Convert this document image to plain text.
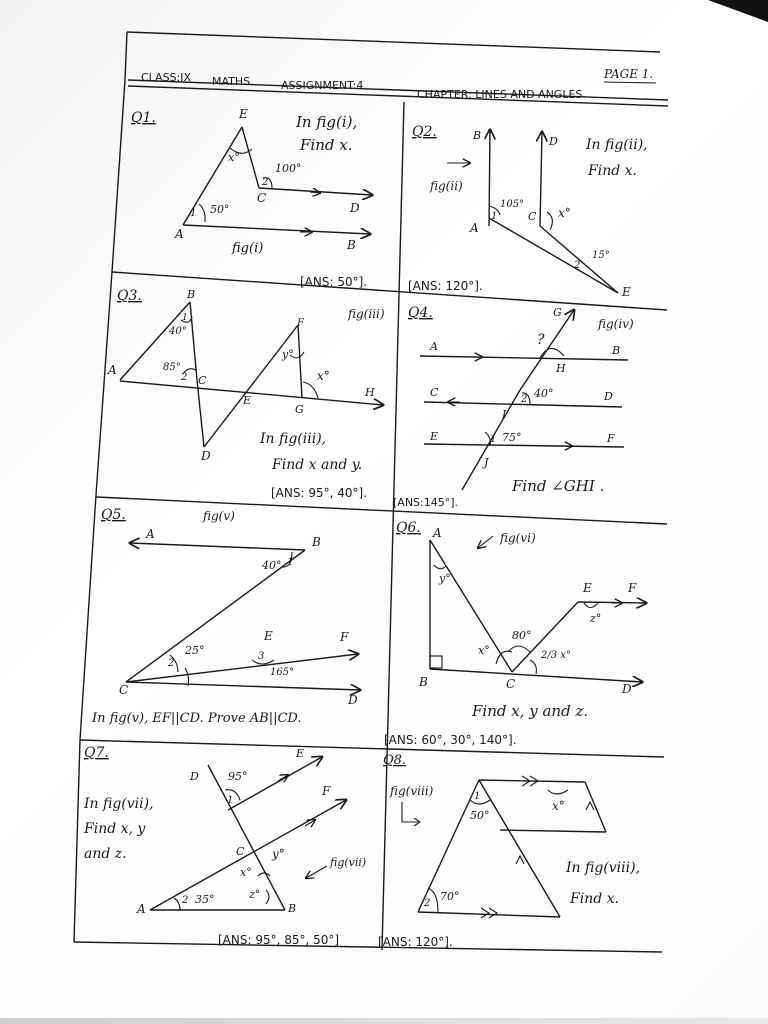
PAGE 1.
CLASS:IX MATHS. ASSIGNMENT:4
CHAPTER: LINES AND ANGLES.
Q1.	In fig(i),
Find x.
E
C
D
A
B
x°
100°
50°
1
2
fig(i)
[ANS: 50°].
Q2.
In fig(ii),
Find x.
fig(ii)
B	D
A
C
E
105°
x°
15°
1
2
[ANS: 120°].
Q3.
fig(iii)
B
A
C
D
E
F
G
H
40°
85°
y°
x°
1
2
In fig(iii),
Find x and y.
[ANS: 95°, 40°].
Q4.
fig(iv)
G
A	B
H
C	D
I
E	F
J
?
40°
75°
2
1
Find ∠GHI .
[ANS:145°].
Q5.	fig(v)
A
B
C
D
E	F
40° 1
25°
2
3
165°
In fig(v), EF||CD. Prove AB||CD.
Q6.
fig(vi)
A
B	C	D
E	F
y°
x°
80°
z°
2/3 x°
Find x, y and z.
[ANS: 60°, 30°, 140°].
Q7.
In fig(vii),
Find x, y
and z.
D
E
F
C
A	B
95°
1
y°
x°
z°
35°
2
fig(vii)
[ANS: 95°, 85°, 50°]
Q8.
fig(viii)	1
50°
x°
2
70°
In fig(viii),
Find x.
[ANS: 120°].
